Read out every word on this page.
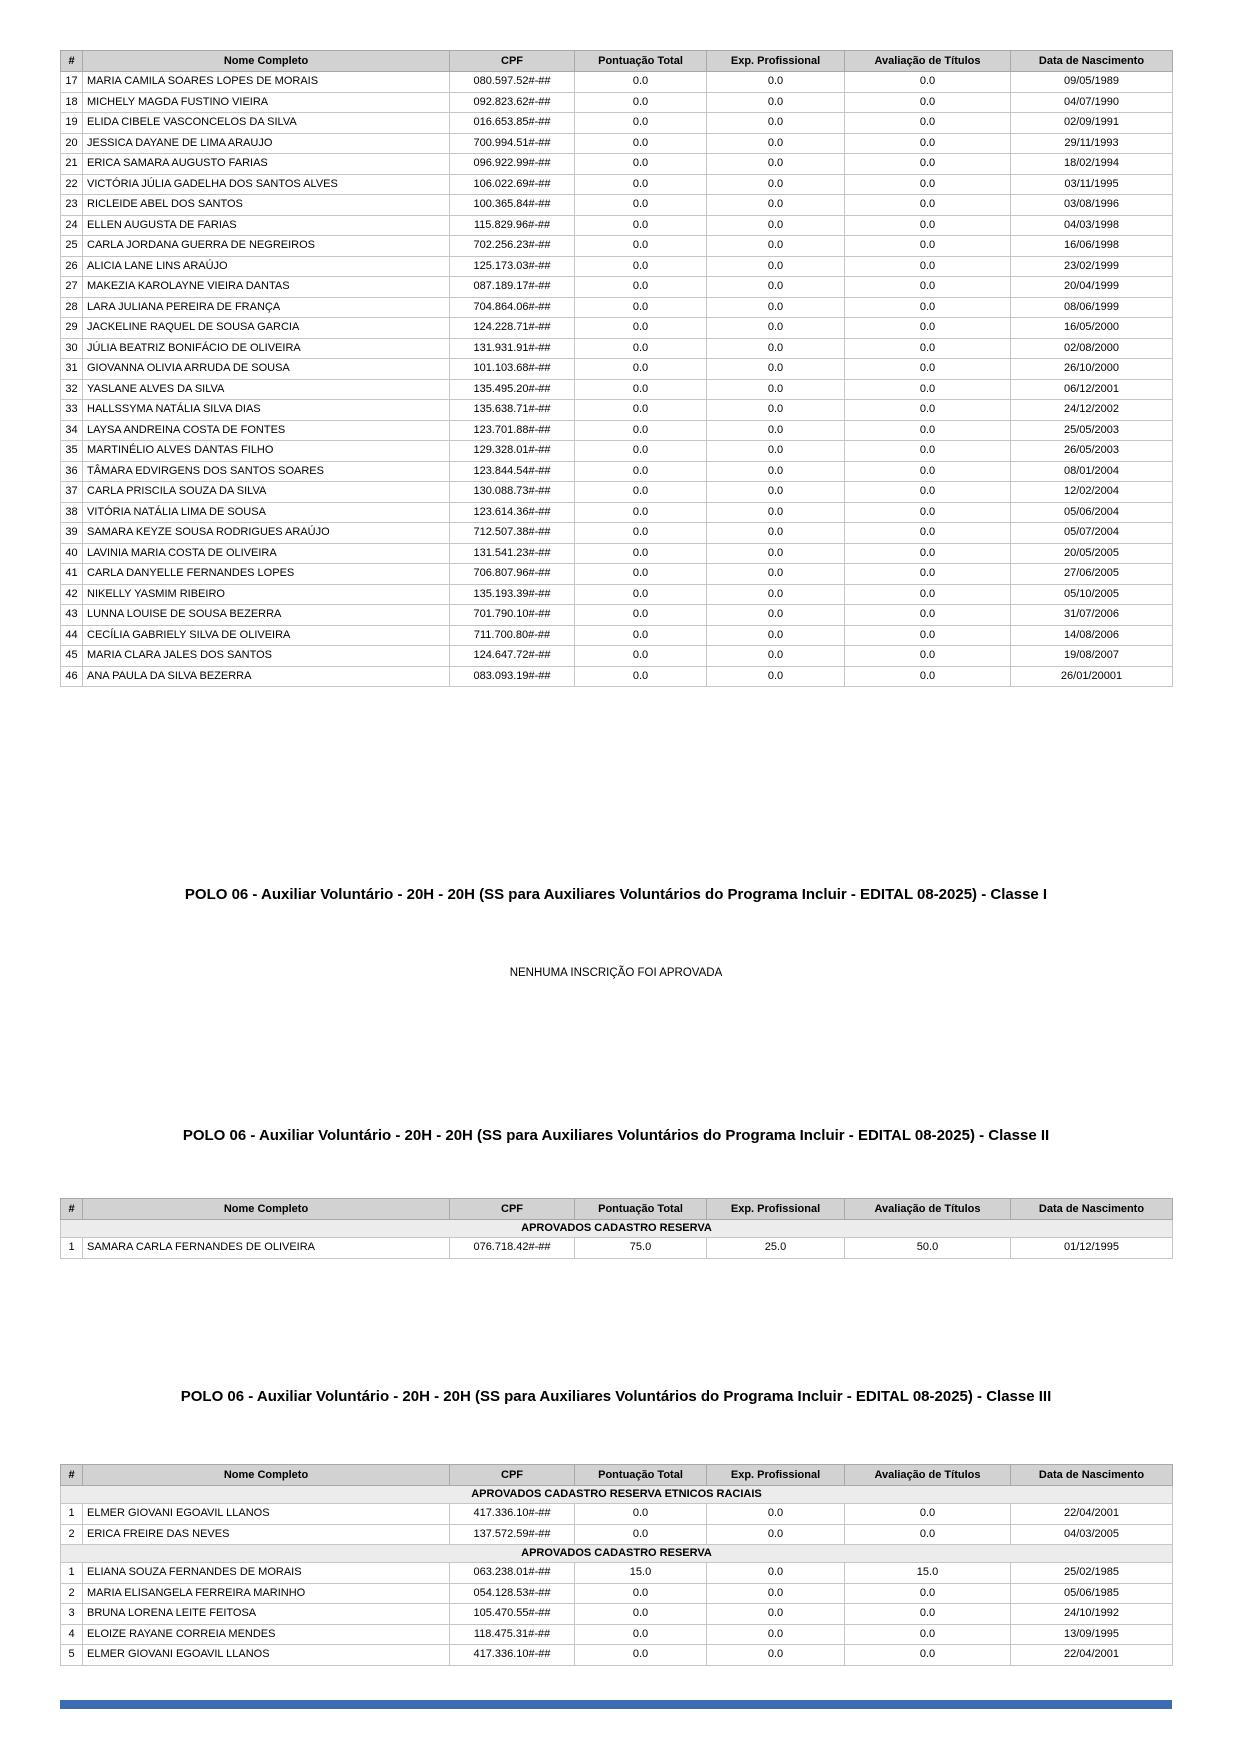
#	Nome Completo	CPF	Pontuação Total	Exp. Profissional	Avaliação de Títulos	Data de Nascimento
17	MARIA CAMILA SOARES LOPES DE MORAIS	080.597.52#-##	0.0	0.0	0.0	09/05/1989
18	MICHELY MAGDA FUSTINO VIEIRA	092.823.62#-##	0.0	0.0	0.0	04/07/1990
19	ELIDA CIBELE VASCONCELOS DA SILVA	016.653.85#-##	0.0	0.0	0.0	02/09/1991
20	JESSICA DAYANE DE LIMA ARAUJO	700.994.51#-##	0.0	0.0	0.0	29/11/1993
21	ERICA SAMARA AUGUSTO FARIAS	096.922.99#-##	0.0	0.0	0.0	18/02/1994
22	VICTÓRIA JÚLIA GADELHA DOS SANTOS ALVES	106.022.69#-##	0.0	0.0	0.0	03/11/1995
23	RICLEIDE ABEL DOS SANTOS	100.365.84#-##	0.0	0.0	0.0	03/08/1996
24	ELLEN AUGUSTA DE FARIAS	115.829.96#-##	0.0	0.0	0.0	04/03/1998
25	CARLA JORDANA GUERRA DE NEGREIROS	702.256.23#-##	0.0	0.0	0.0	16/06/1998
26	ALICIA LANE LINS ARAÚJO	125.173.03#-##	0.0	0.0	0.0	23/02/1999
27	MAKEZIA KAROLAYNE VIEIRA DANTAS	087.189.17#-##	0.0	0.0	0.0	20/04/1999
28	LARA JULIANA PEREIRA DE FRANÇA	704.864.06#-##	0.0	0.0	0.0	08/06/1999
29	JACKELINE RAQUEL DE SOUSA GARCIA	124.228.71#-##	0.0	0.0	0.0	16/05/2000
30	JÚLIA BEATRIZ BONIFÁCIO DE OLIVEIRA	131.931.91#-##	0.0	0.0	0.0	02/08/2000
31	GIOVANNA OLIVIA ARRUDA DE SOUSA	101.103.68#-##	0.0	0.0	0.0	26/10/2000
32	YASLANE ALVES DA SILVA	135.495.20#-##	0.0	0.0	0.0	06/12/2001
33	HALLSSYMA NATÁLIA SILVA DIAS	135.638.71#-##	0.0	0.0	0.0	24/12/2002
34	LAYSA ANDREINA COSTA DE FONTES	123.701.88#-##	0.0	0.0	0.0	25/05/2003
35	MARTINÉLIO ALVES DANTAS FILHO	129.328.01#-##	0.0	0.0	0.0	26/05/2003
36	TÂMARA EDVIRGENS DOS SANTOS SOARES	123.844.54#-##	0.0	0.0	0.0	08/01/2004
37	CARLA PRISCILA SOUZA DA SILVA	130.088.73#-##	0.0	0.0	0.0	12/02/2004
38	VITÓRIA NATÁLIA LIMA DE SOUSA	123.614.36#-##	0.0	0.0	0.0	05/06/2004
39	SAMARA KEYZE SOUSA RODRIGUES ARAÚJO	712.507.38#-##	0.0	0.0	0.0	05/07/2004
40	LAVINIA MARIA COSTA DE OLIVEIRA	131.541.23#-##	0.0	0.0	0.0	20/05/2005
41	CARLA DANYELLE FERNANDES LOPES	706.807.96#-##	0.0	0.0	0.0	27/06/2005
42	NIKELLY YASMIM RIBEIRO	135.193.39#-##	0.0	0.0	0.0	05/10/2005
43	LUNNA LOUISE DE SOUSA BEZERRA	701.790.10#-##	0.0	0.0	0.0	31/07/2006
44	CECÍLIA GABRIELY SILVA DE OLIVEIRA	711.700.80#-##	0.0	0.0	0.0	14/08/2006
45	MARIA CLARA JALES DOS SANTOS	124.647.72#-##	0.0	0.0	0.0	19/08/2007
46	ANA PAULA DA SILVA BEZERRA	083.093.19#-##	0.0	0.0	0.0	26/01/20001
POLO 06 - Auxiliar Voluntário - 20H - 20H (SS para Auxiliares Voluntários do Programa Incluir - EDITAL 08-2025) - Classe I
NENHUMA INSCRIÇÃO FOI APROVADA
POLO 06 - Auxiliar Voluntário - 20H - 20H (SS para Auxiliares Voluntários do Programa Incluir - EDITAL 08-2025) - Classe II
#	Nome Completo	CPF	Pontuação Total	Exp. Profissional	Avaliação de Títulos	Data de Nascimento
APROVADOS CADASTRO RESERVA						
1	SAMARA CARLA FERNANDES DE OLIVEIRA	076.718.42#-##	75.0	25.0	50.0	01/12/1995
POLO 06 - Auxiliar Voluntário - 20H - 20H (SS para Auxiliares Voluntários do Programa Incluir - EDITAL 08-2025) - Classe III
#	Nome Completo	CPF	Pontuação Total	Exp. Profissional	Avaliação de Títulos	Data de Nascimento
APROVADOS CADASTRO RESERVA ETNICOS RACIAIS						
1	ELMER GIOVANI EGOAVIL LLANOS	417.336.10#-##	0.0	0.0	0.0	22/04/2001
2	ERICA FREIRE DAS NEVES	137.572.59#-##	0.0	0.0	0.0	04/03/2005
APROVADOS CADASTRO RESERVA						
1	ELIANA SOUZA FERNANDES DE MORAIS	063.238.01#-##	15.0	0.0	15.0	25/02/1985
2	MARIA ELISANGELA FERREIRA MARINHO	054.128.53#-##	0.0	0.0	0.0	05/06/1985
3	BRUNA LORENA LEITE FEITOSA	105.470.55#-##	0.0	0.0	0.0	24/10/1992
4	ELOIZE RAYANE CORREIA MENDES	118.475.31#-##	0.0	0.0	0.0	13/09/1995
5	ELMER GIOVANI EGOAVIL LLANOS	417.336.10#-##	0.0	0.0	0.0	22/04/2001
